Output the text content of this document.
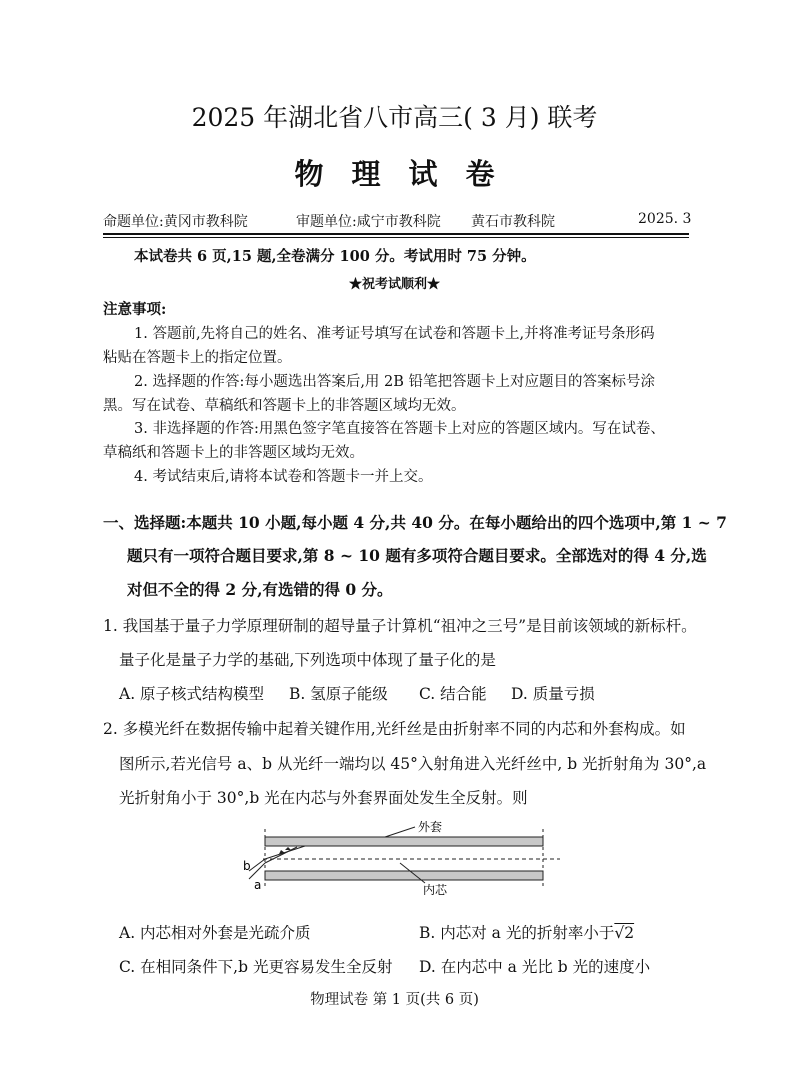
2025 年湖北省八市高三( 3 月) 联考
物理试卷
命题单位:黄冈市教科院	审题单位:咸宁市教科院 黄石市教科院	2025. 3
本试卷共 6 页,15 题,全卷满分 100 分。考试用时 75 分钟。
★祝考试顺利★
注意事项:
1. 答题前,先将自己的姓名、准考证号填写在试卷和答题卡上,并将准考证号条形码
粘贴在答题卡上的指定位置。
2. 选择题的作答:每小题选出答案后,用 2B 铅笔把答题卡上对应题目的答案标号涂
黑。写在试卷、草稿纸和答题卡上的非答题区域均无效。
3. 非选择题的作答:用黑色签字笔直接答在答题卡上对应的答题区域内。写在试卷、
草稿纸和答题卡上的非答题区域均无效。
4. 考试结束后,请将本试卷和答题卡一并上交。
一、选择题:本题共 10 小题,每小题 4 分,共 40 分。在每小题给出的四个选项中,第 1 ~ 7
题只有一项符合题目要求,第 8 ~ 10 题有多项符合题目要求。全部选对的得 4 分,选
对但不全的得 2 分,有选错的得 0 分。
1. 我国基于量子力学原理研制的超导量子计算机“祖冲之三号”是目前该领域的新标杆。
量子化是量子力学的基础,下列选项中体现了量子化的是
A. 原子核式结构模型 B. 氢原子能级 C. 结合能 D. 质量亏损
2. 多模光纤在数据传输中起着关键作用,光纤丝是由折射率不同的内芯和外套构成。如
图所示,若光信号 a、b 从光纤一端均以 45°入射角进入光纤丝中, b 光折射角为 30°,a
光折射角小于 30°,b 光在内芯与外套界面处发生全反射。则
外套
内芯
b
a
A. 内芯相对外套是光疏介质	B. 内芯对 a 光的折射率小于√2
C. 在相同条件下,b 光更容易发生全反射 D. 在内芯中 a 光比 b 光的速度小
物理试卷 第 1 页(共 6 页)
